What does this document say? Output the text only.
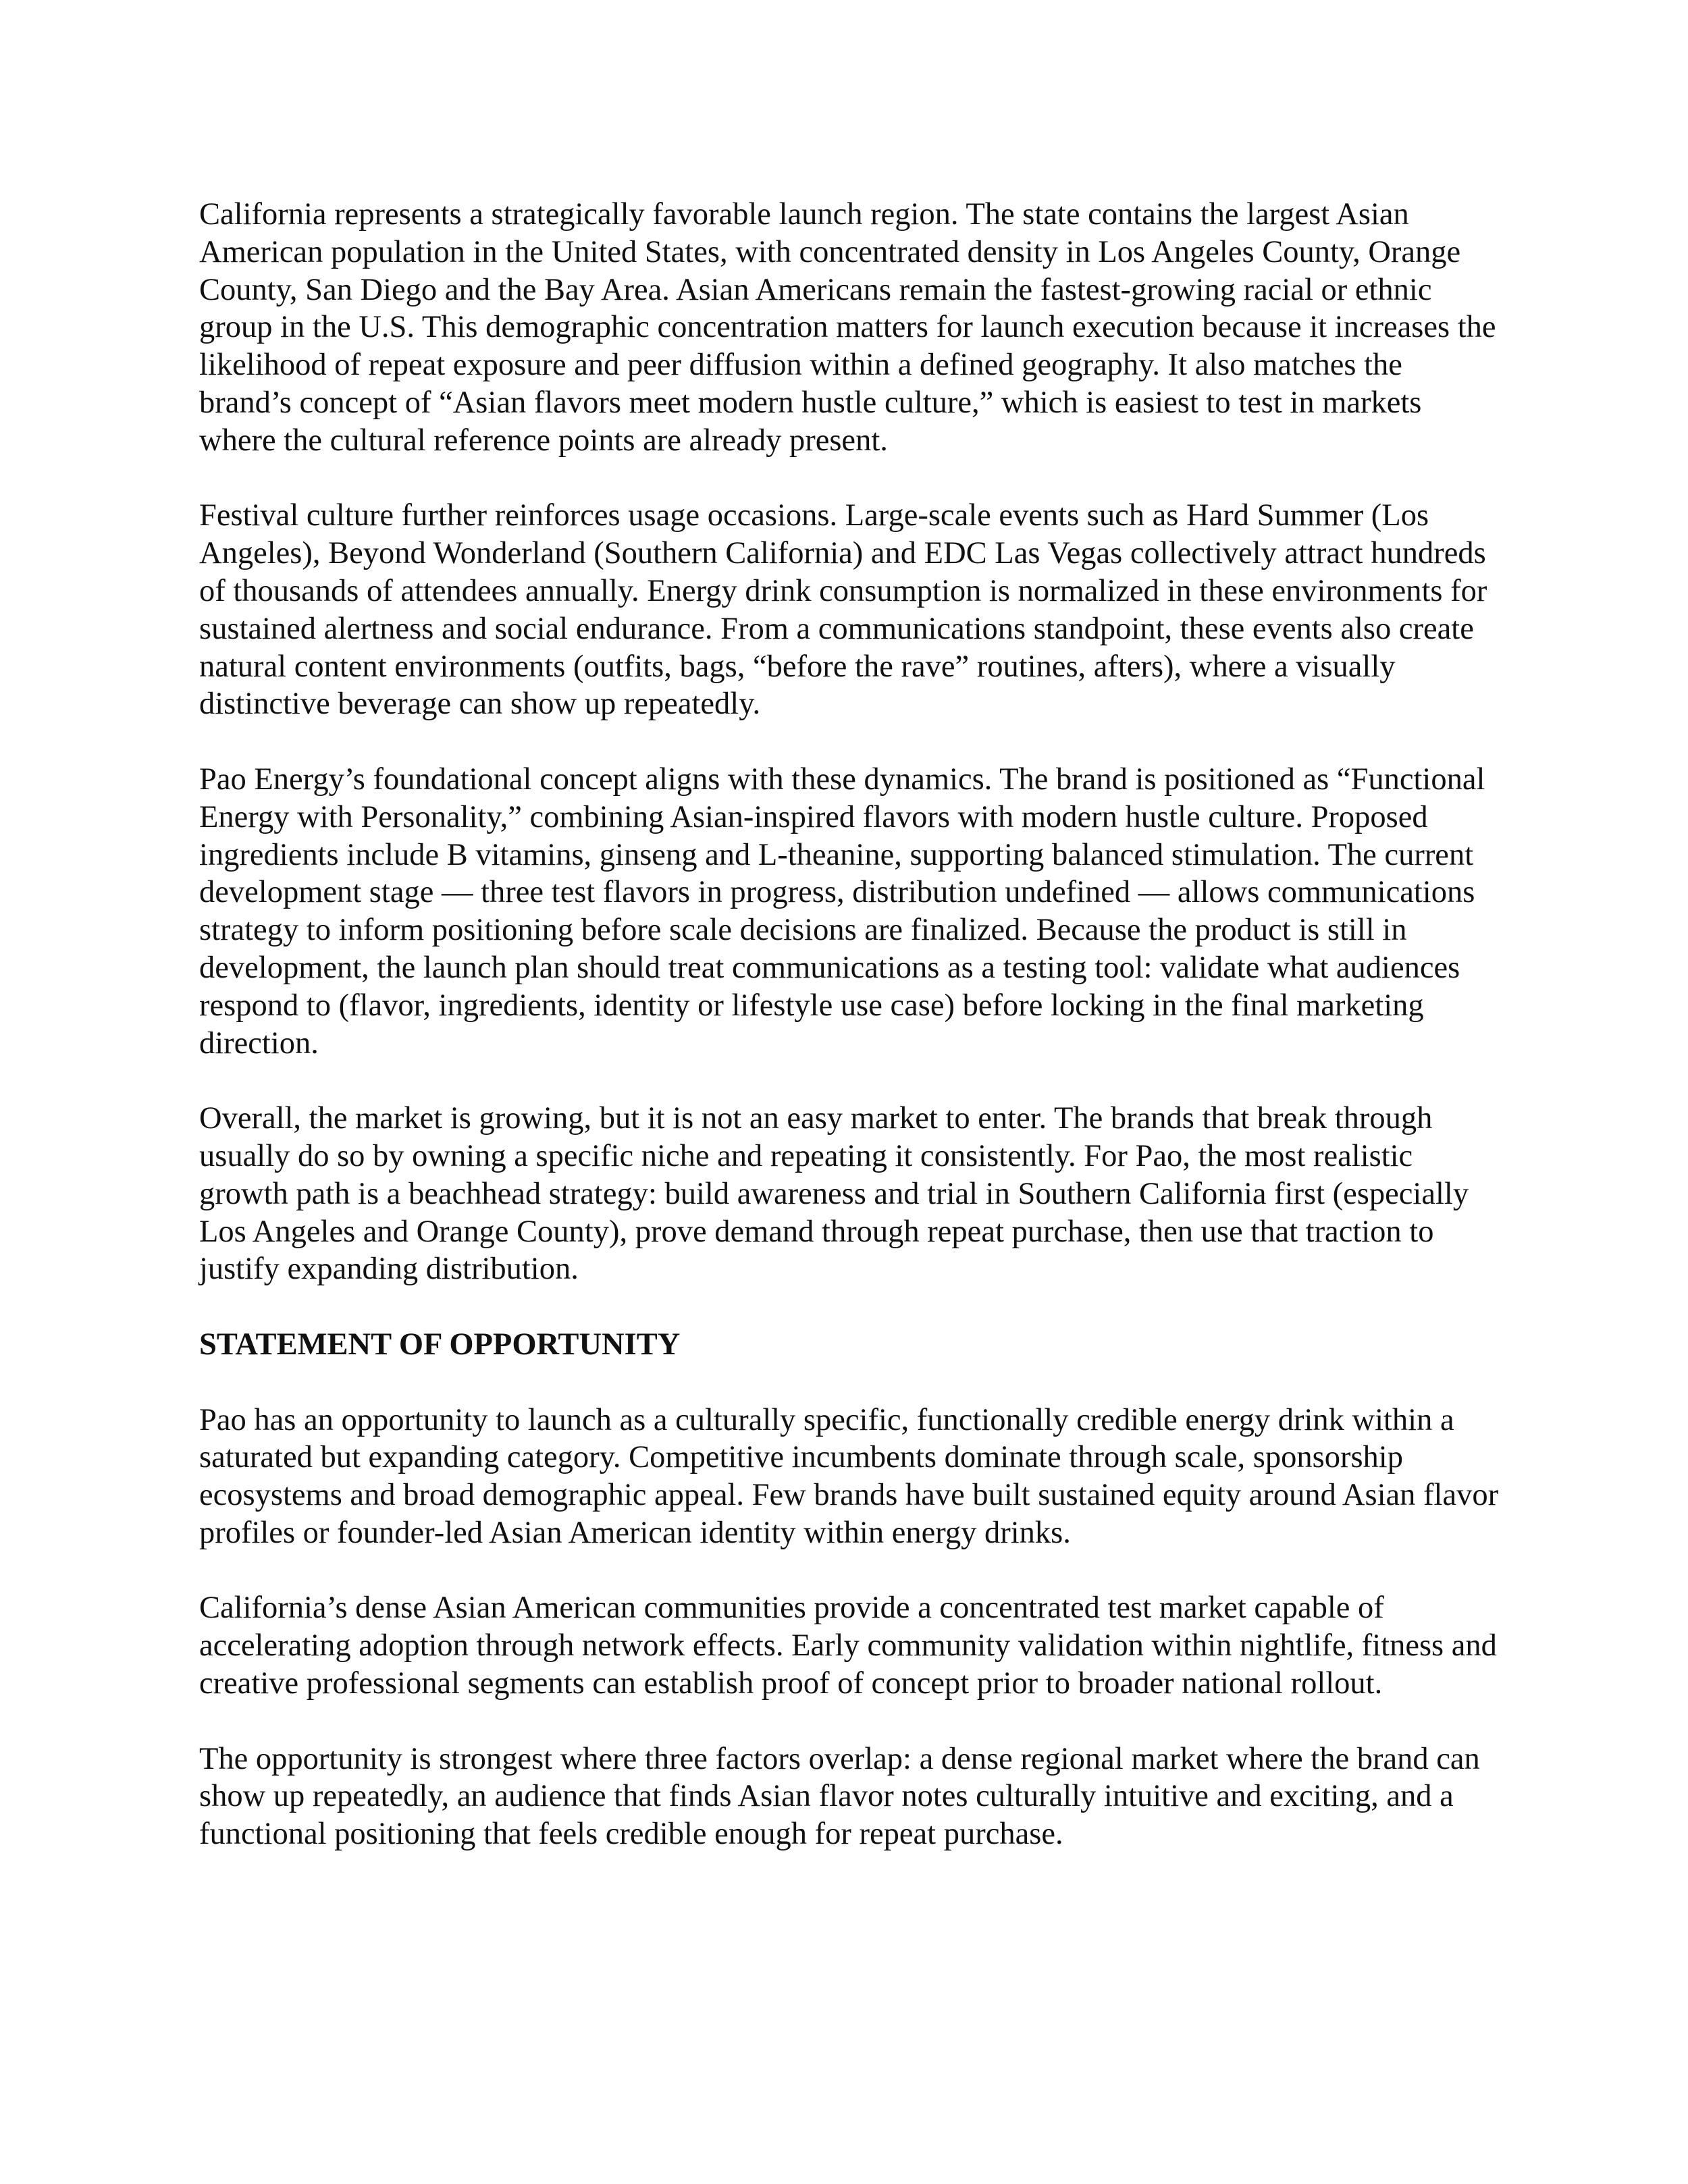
California represents a strategically favorable launch region. The state contains the largest Asian American population in the United States, with concentrated density in Los Angeles County, Orange County, San Diego and the Bay Area. Asian Americans remain the fastest-growing racial or ethnic group in the U.S. This demographic concentration matters for launch execution because it increases the likelihood of repeat exposure and peer diffusion within a defined geography. It also matches the brand’s concept of “Asian flavors meet modern hustle culture,” which is easiest to test in markets where the cultural reference points are already present.

Festival culture further reinforces usage occasions. Large-scale events such as Hard Summer (Los Angeles), Beyond Wonderland (Southern California) and EDC Las Vegas collectively attract hundreds of thousands of attendees annually. Energy drink consumption is normalized in these environments for sustained alertness and social endurance. From a communications standpoint, these events also create natural content environments (outfits, bags, “before the rave” routines, afters), where a visually distinctive beverage can show up repeatedly.

Pao Energy’s foundational concept aligns with these dynamics. The brand is positioned as “Functional Energy with Personality,” combining Asian-inspired flavors with modern hustle culture. Proposed ingredients include B vitamins, ginseng and L-theanine, supporting balanced stimulation. The current development stage — three test flavors in progress, distribution undefined — allows communications strategy to inform positioning before scale decisions are finalized. Because the product is still in development, the launch plan should treat communications as a testing tool: validate what audiences respond to (flavor, ingredients, identity or lifestyle use case) before locking in the final marketing direction.

Overall, the market is growing, but it is not an easy market to enter. The brands that break through usually do so by owning a specific niche and repeating it consistently. For Pao, the most realistic growth path is a beachhead strategy: build awareness and trial in Southern California first (especially Los Angeles and Orange County), prove demand through repeat purchase, then use that traction to justify expanding distribution.

STATEMENT OF OPPORTUNITY

Pao has an opportunity to launch as a culturally specific, functionally credible energy drink within a saturated but expanding category. Competitive incumbents dominate through scale, sponsorship ecosystems and broad demographic appeal. Few brands have built sustained equity around Asian flavor profiles or founder-led Asian American identity within energy drinks.

California’s dense Asian American communities provide a concentrated test market capable of accelerating adoption through network effects. Early community validation within nightlife, fitness and creative professional segments can establish proof of concept prior to broader national rollout.

The opportunity is strongest where three factors overlap: a dense regional market where the brand can show up repeatedly, an audience that finds Asian flavor notes culturally intuitive and exciting, and a functional positioning that feels credible enough for repeat purchase.
